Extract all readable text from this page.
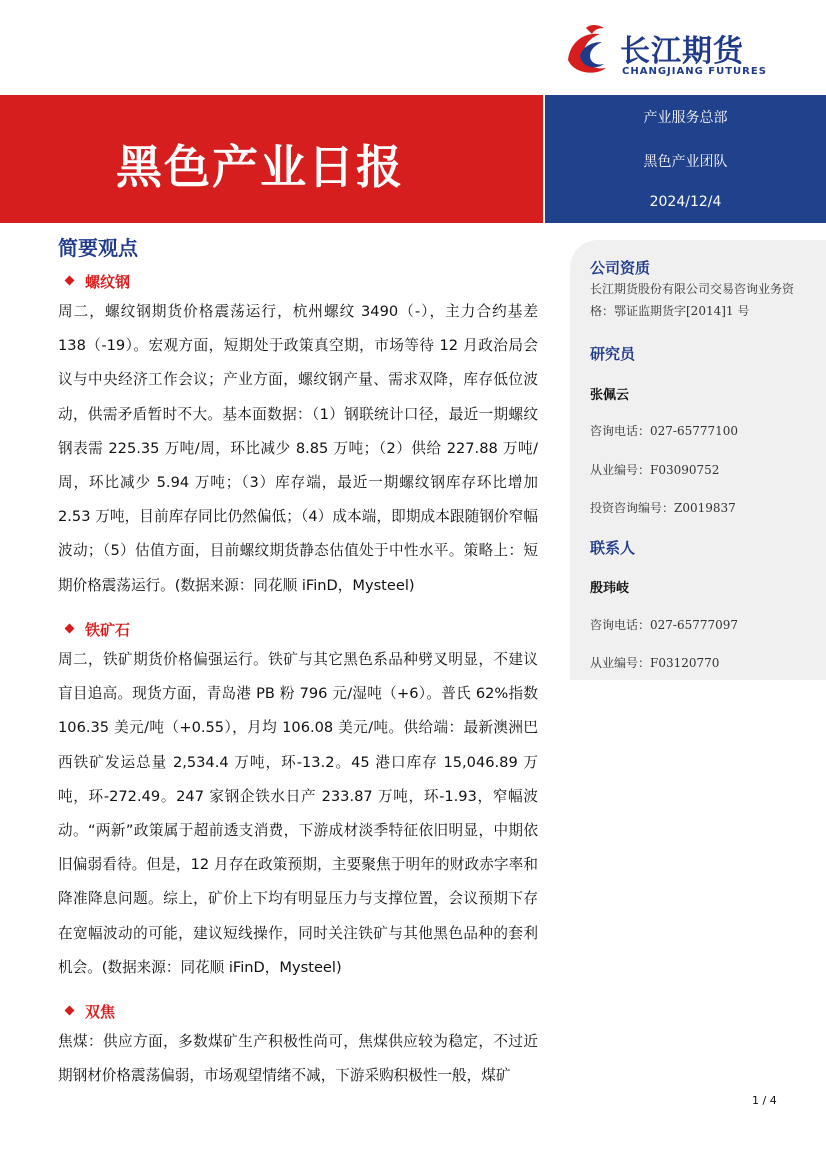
长江期货
CHANGJIANG FUTURES
黑色产业日报
产业服务总部
黑色产业团队
2024/12/4
简要观点
螺纹钢
周二，螺纹钢期货价格震荡运行，杭州螺纹 3490（-），主力合约基差 138（-19）。宏观方面，短期处于政策真空期，市场等待 12 月政治局会议与中央经济工作会议；产业方面，螺纹钢产量、需求双降，库存低位波动，供需矛盾暂时不大。基本面数据：（1）钢联统计口径，最近一期螺纹钢表需 225.35 万吨/周，环比减少 8.85 万吨；（2）供给 227.88 万吨/周，环比减少 5.94 万吨；（3）库存端，最近一期螺纹钢库存环比增加 2.53 万吨，目前库存同比仍然偏低；（4）成本端，即期成本跟随钢价窄幅波动；（5）估值方面，目前螺纹期货静态估值处于中性水平。策略上：短期价格震荡运行。(数据来源：同花顺 iFinD，Mysteel)
铁矿石
周二，铁矿期货价格偏强运行。铁矿与其它黑色系品种劈叉明显，不建议盲目追高。现货方面，青岛港 PB 粉 796 元/湿吨（+6）。普氏 62%指数 106.35 美元/吨（+0.55），月均 106.08 美元/吨。供给端：最新澳洲巴西铁矿发运总量 2,534.4 万吨，环-13.2。45 港口库存 15,046.89 万吨，环-272.49。247 家钢企铁水日产 233.87 万吨，环-1.93，窄幅波动。“两新”政策属于超前透支消费，下游成材淡季特征依旧明显，中期依旧偏弱看待。但是，12 月存在政策预期，主要聚焦于明年的财政赤字率和降准降息问题。综上，矿价上下均有明显压力与支撑位置，会议预期下存在宽幅波动的可能，建议短线操作，同时关注铁矿与其他黑色品种的套利机会。(数据来源：同花顺 iFinD，Mysteel)
双焦
焦煤：供应方面，多数煤矿生产积极性尚可，焦煤供应较为稳定，不过近期钢材价格震荡偏弱，市场观望情绪不减，下游采购积极性一般，煤矿
公司资质
长江期货股份有限公司交易咨询业务资格：鄂证监期货字[2014]1 号
研究员
张佩云
咨询电话：027-65777100
从业编号：F03090752
投资咨询编号：Z0019837
联系人
殷玮岐
咨询电话：027-65777097
从业编号：F03120770
1 / 4
